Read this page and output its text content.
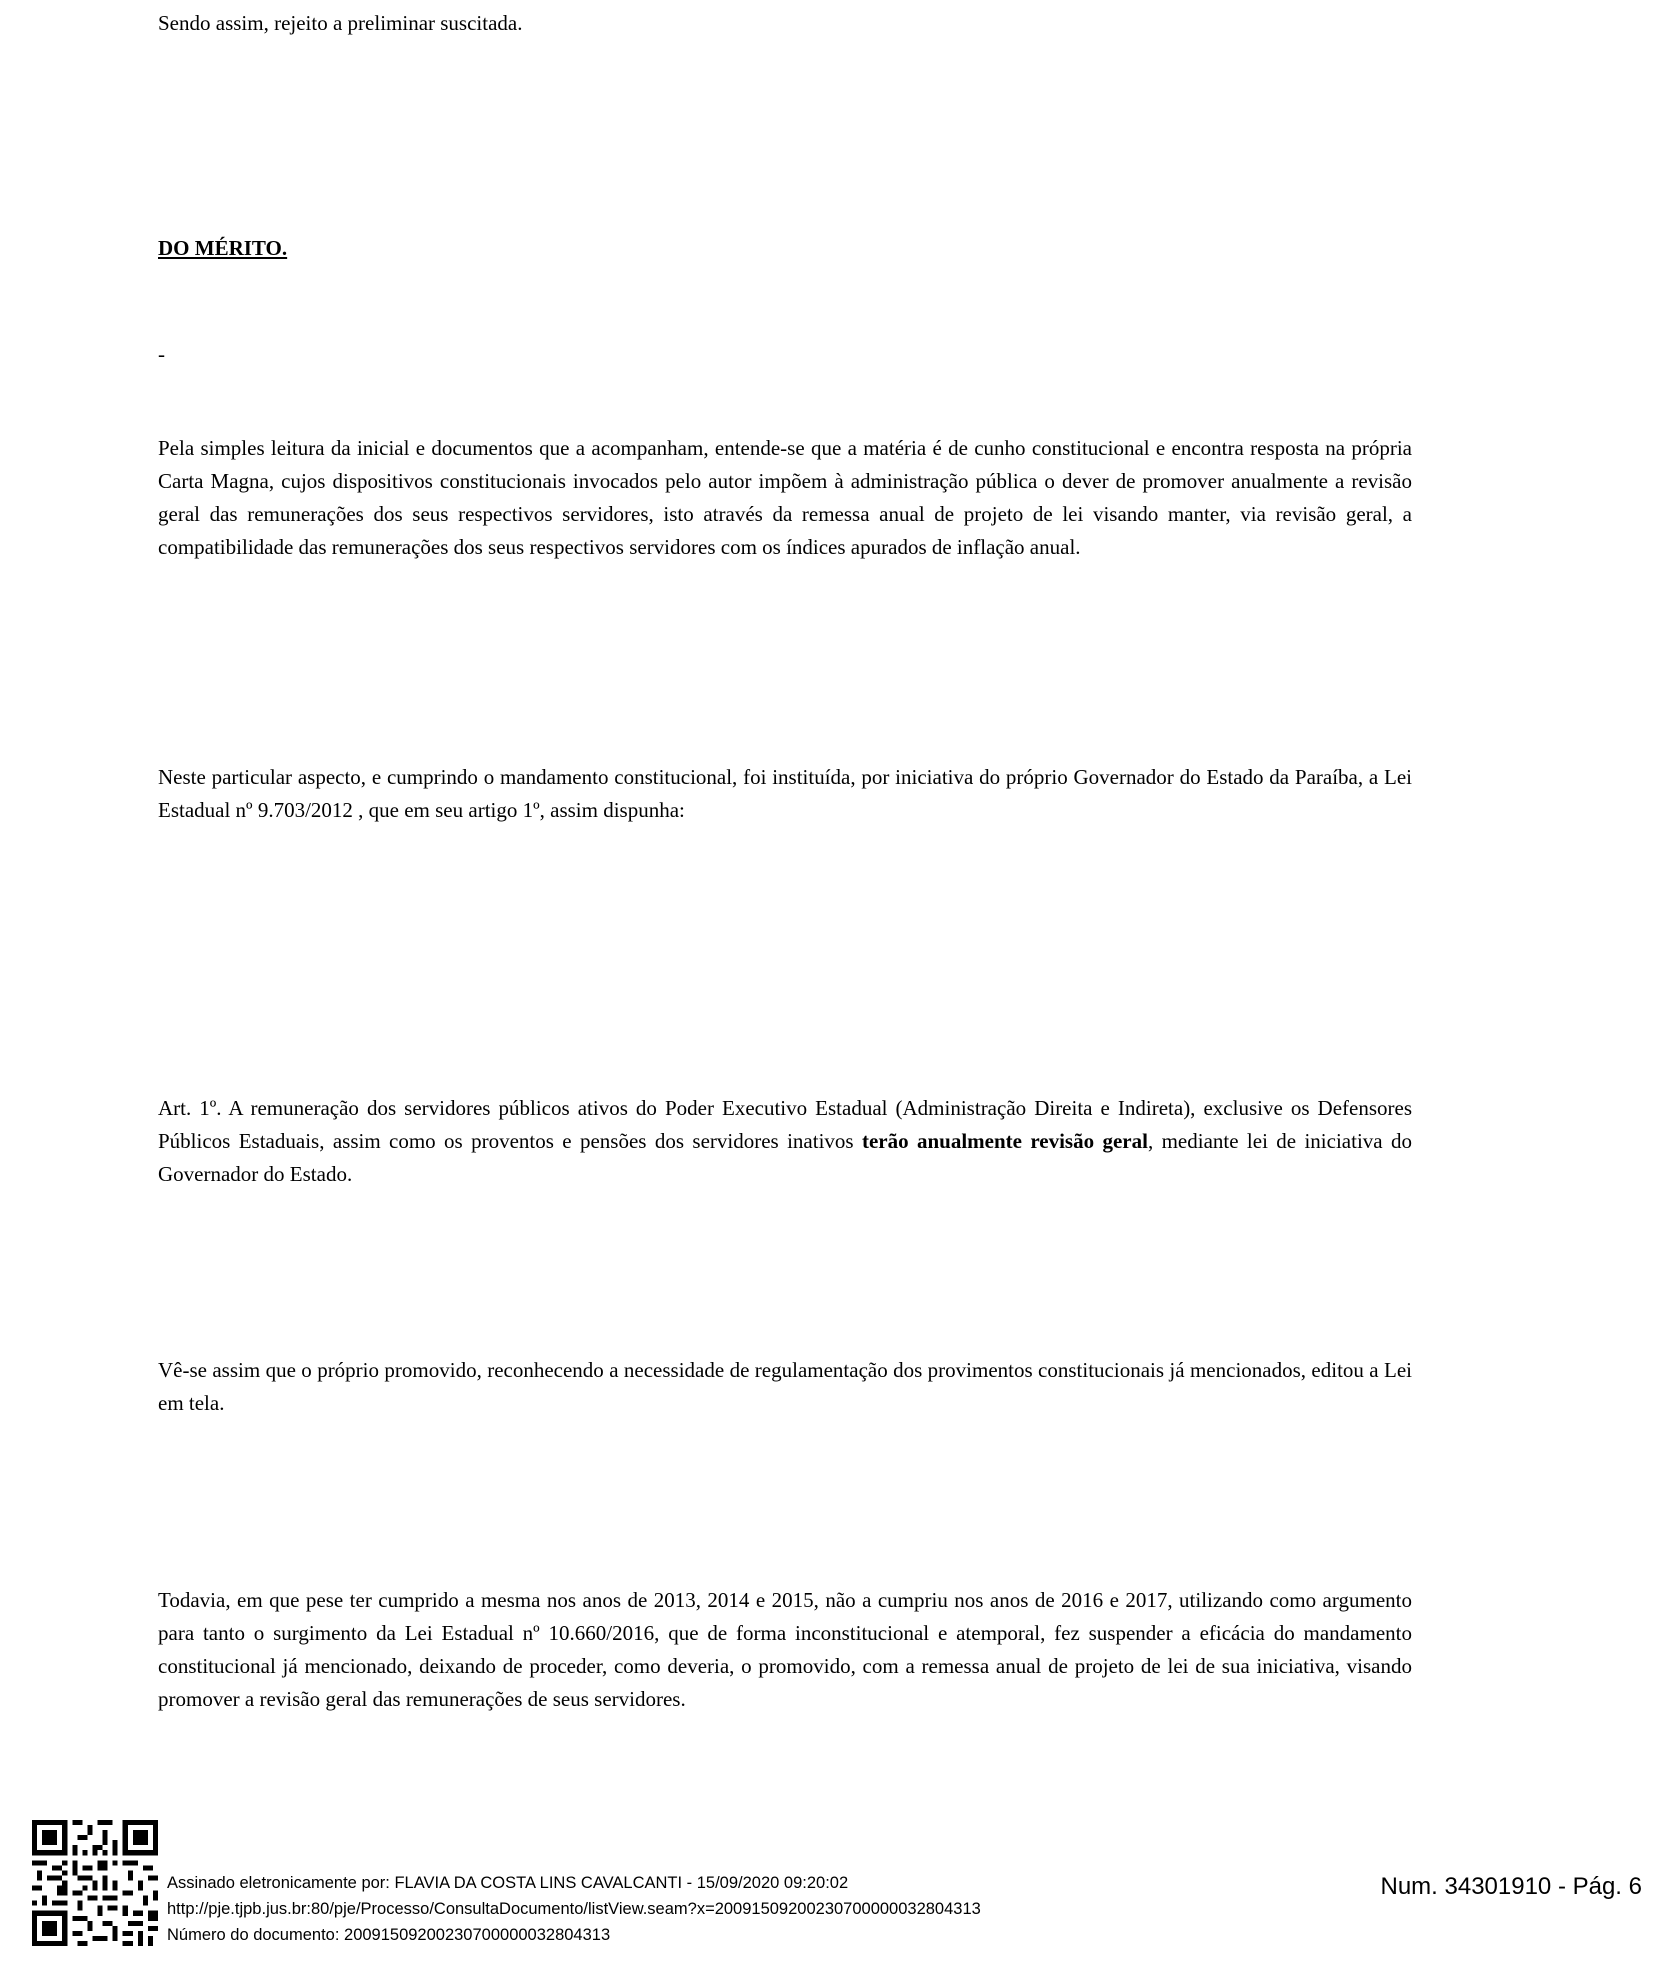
Sendo assim, rejeito a preliminar suscitada.

DO MÉRITO.

-

Pela simples leitura da inicial e documentos que a acompanham, entende-se que a matéria é de cunho constitucional e encontra resposta na própria Carta Magna, cujos dispositivos constitucionais invocados pelo autor impõem à administração pública o dever de promover anualmente a revisão geral das remunerações dos seus respectivos servidores, isto através da remessa anual de projeto de lei visando manter, via revisão geral, a compatibilidade das remunerações dos seus respectivos servidores com os índices apurados de inflação anual.

Neste particular aspecto, e cumprindo o mandamento constitucional, foi instituída, por iniciativa do próprio Governador do Estado da Paraíba, a Lei Estadual nº 9.703/2012 , que em seu artigo 1º, assim dispunha:

Art. 1º. A remuneração dos servidores públicos ativos do Poder Executivo Estadual (Administração Direita e Indireta), exclusive os Defensores Públicos Estaduais, assim como os proventos e pensões dos servidores inativos terão anualmente revisão geral, mediante lei de iniciativa do Governador do Estado.

Vê-se assim que o próprio promovido, reconhecendo a necessidade de regulamentação dos provimentos constitucionais já mencionados, editou a Lei em tela.

Todavia, em que pese ter cumprido a mesma nos anos de 2013, 2014 e 2015, não a cumpriu nos anos de 2016 e 2017, utilizando como argumento para tanto o surgimento da Lei Estadual nº 10.660/2016, que de forma inconstitucional e atemporal, fez suspender a eficácia do mandamento constitucional já mencionado, deixando de proceder, como deveria, o promovido, com a remessa anual de projeto de lei de sua iniciativa, visando promover a revisão geral das remunerações de seus servidores.

Assinado eletronicamente por: FLAVIA DA COSTA LINS CAVALCANTI - 15/09/2020 09:20:02
http://pje.tjpb.jus.br:80/pje/Processo/ConsultaDocumento/listView.seam?x=20091509200230700000032804313
Número do documento: 20091509200230700000032804313
Num. 34301910 - Pág. 6
